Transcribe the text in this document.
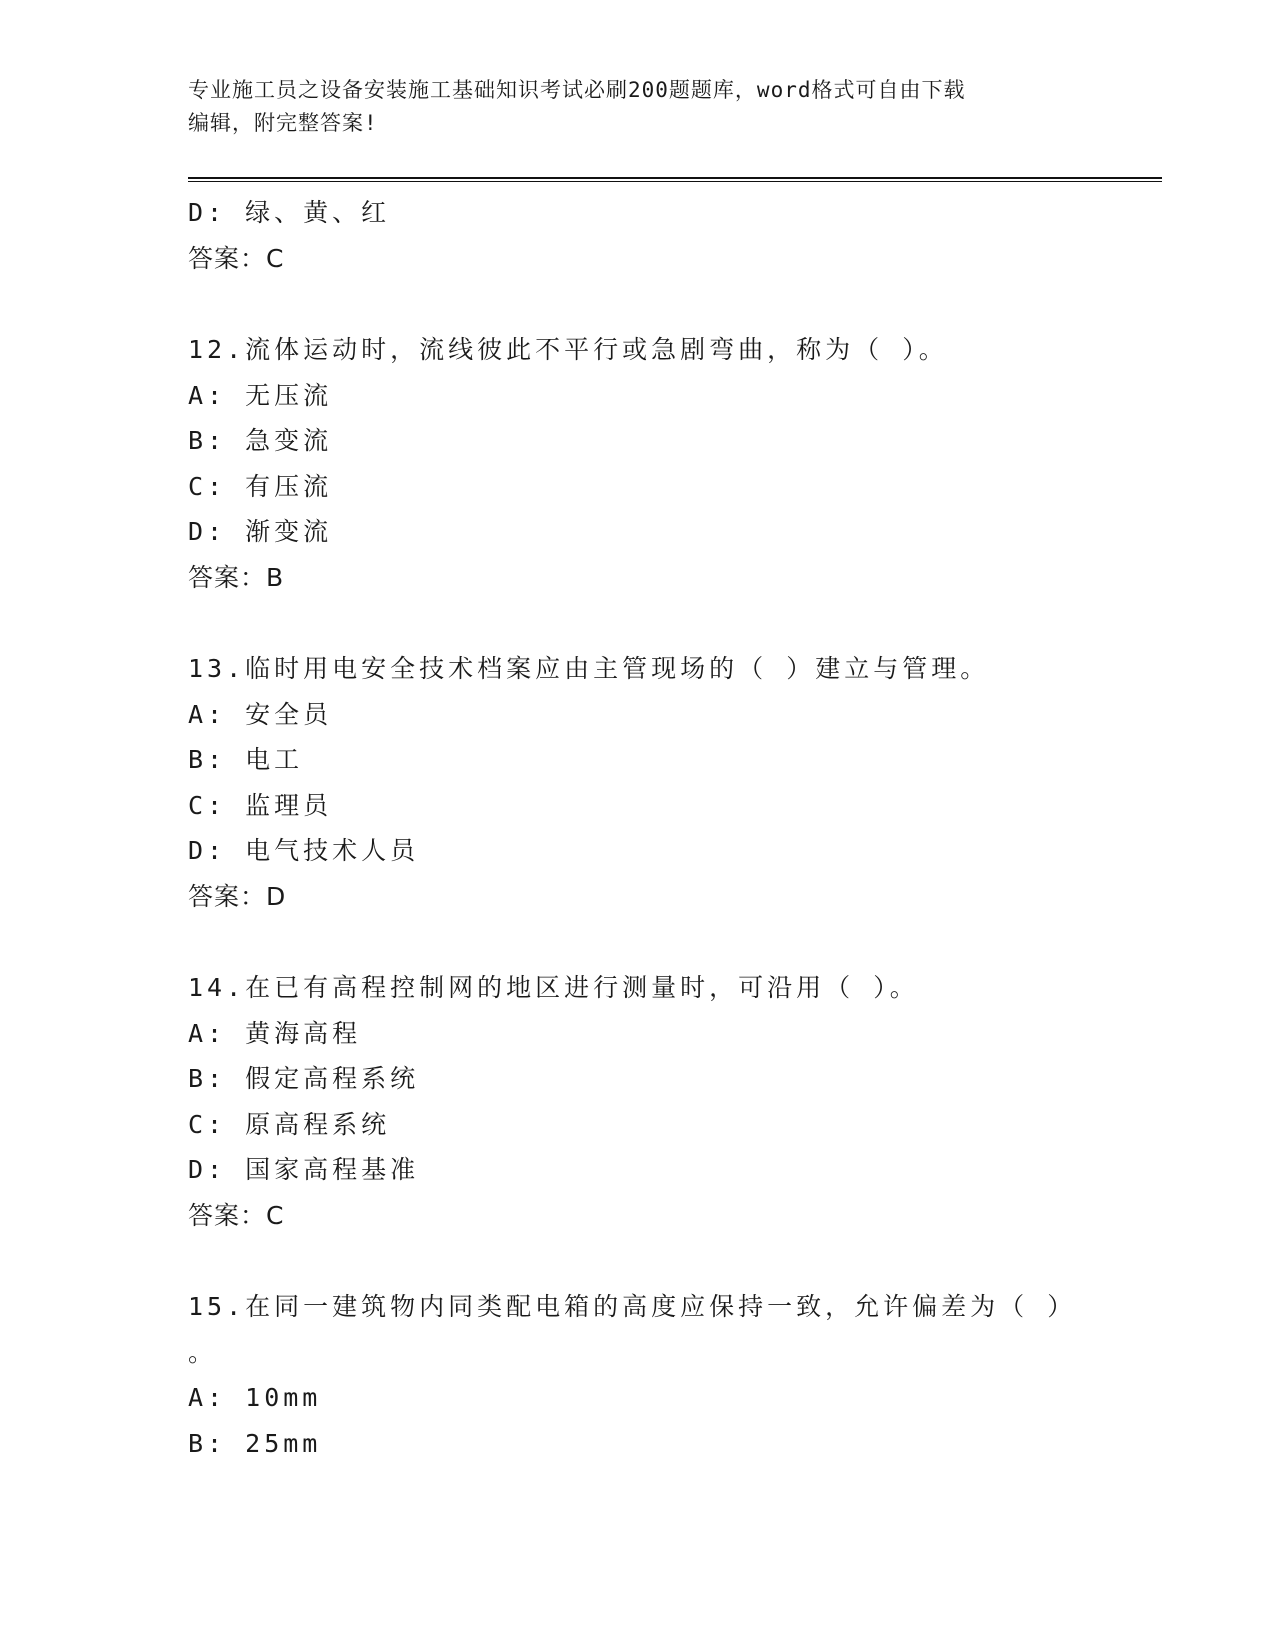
专业施工员之设备安装施工基础知识考试必刷200题题库，word格式可自由下载
编辑，附完整答案!
D: 绿、黄、红
答案：C
12.流体运动时，流线彼此不平行或急剧弯曲，称为（ ）。
A: 无压流
B: 急变流
C: 有压流
D: 渐变流
答案：B
13.临时用电安全技术档案应由主管现场的（ ）建立与管理。
A: 安全员
B: 电工
C: 监理员
D: 电气技术人员
答案：D
14.在已有高程控制网的地区进行测量时，可沿用（ ）。
A: 黄海高程
B: 假定高程系统
C: 原高程系统
D: 国家高程基准
答案：C
15.在同一建筑物内同类配电箱的高度应保持一致，允许偏差为（ ）
。
A: 10mm
B: 25mm
